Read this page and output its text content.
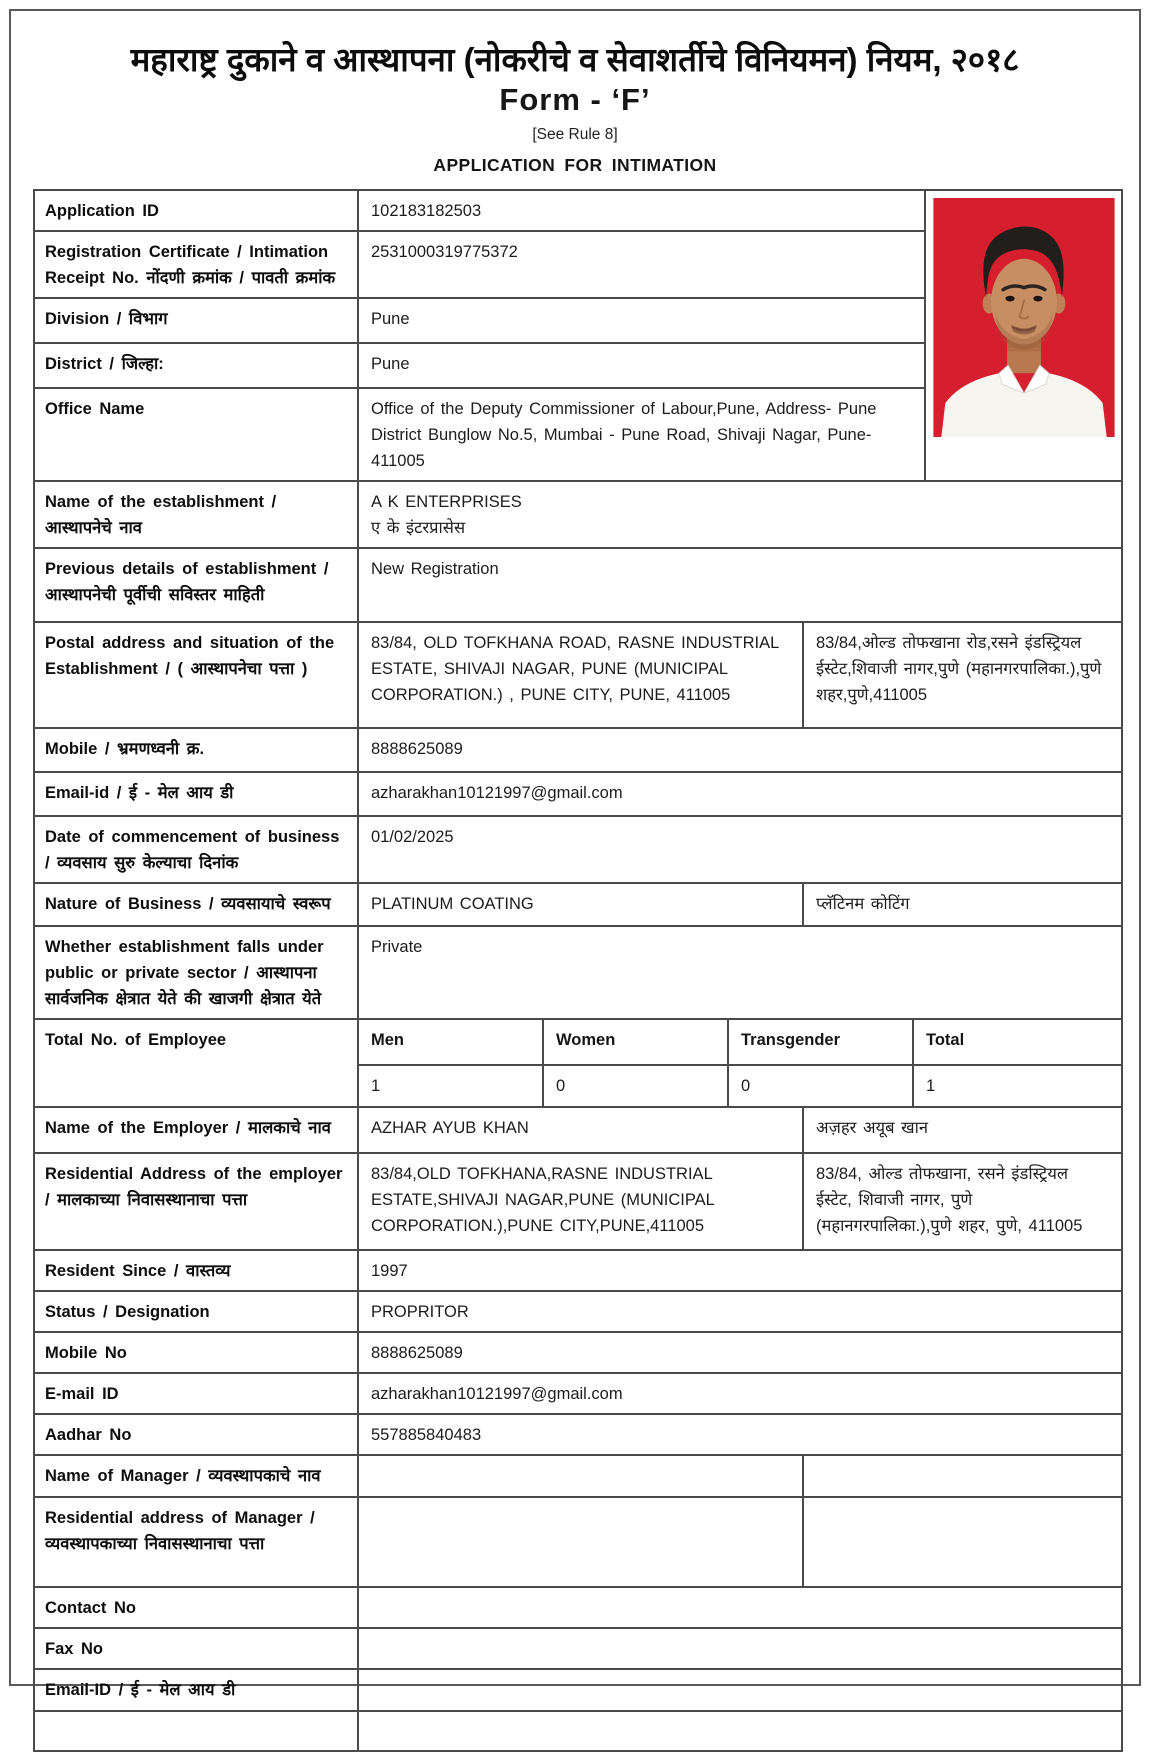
महाराष्ट्र दुकाने व आस्थापना (नोकरीचे व सेवाशर्तीचे विनियमन) नियम, २०१८
Form - ‘F’
[See Rule 8]
APPLICATION FOR INTIMATION
Application ID	102183182503	
Registration Certificate / Intimation Receipt No. नोंदणी क्रमांक / पावती क्रमांक	2531000319775372					
Division / विभाग	Pune					
District / जिल्हा:	Pune					
Office Name	Office of the Deputy Commissioner of Labour,Pune, Address- Pune District Bunglow No.5, Mumbai - Pune Road, Shivaji Nagar, Pune-411005					
Name of the establishment / आस्थापनेचे नाव	A K ENTERPRISES
ए के इंटरप्रासेस					

Previous details of establishment / आस्थापनेची पूर्वीची सविस्तर माहिती	New Registration					
Postal address and situation of the Establishment / ( आस्थापनेचा पत्ता )	83/84, OLD TOFKHANA ROAD, RASNE INDUSTRIAL ESTATE, SHIVAJI NAGAR, PUNE (MUNICIPAL CORPORATION.) , PUNE CITY, PUNE, 411005			83/84,ओल्ड तोफखाना रोड,रसने इंडस्ट्रियल ईस्टेट,शिवाजी नागर,पुणे (महानगरपालिका.),पुणे शहर,पुणे,411005		
Mobile / भ्रमणध्वनी क्र.	8888625089					
Email-id / ई - मेल आय डी	azharakhan10121997@gmail.com					
Date of commencement of business / व्यवसाय सुरु केल्याचा दिनांक	01/02/2025					
Nature of Business / व्यवसायाचे स्वरूप	PLATINUM COATING			प्लॅटिनम कोटिंग		
Whether establishment falls under public or private sector / आस्थापना सार्वजनिक क्षेत्रात येते की खाजगी क्षेत्रात येते	Private					
Total No. of Employee	Men	Women	Transgender		Total	
	1	0	0		1	
Name of the Employer / मालकाचे नाव	AZHAR AYUB KHAN			अज़हर अयूब खान		
Residential Address of the employer / मालकाच्या निवासस्थानाचा पत्ता	83/84,OLD TOFKHANA,RASNE INDUSTRIAL ESTATE,SHIVAJI NAGAR,PUNE (MUNICIPAL CORPORATION.),PUNE CITY,PUNE,411005			83/84, ओल्ड तोफखाना, रसने इंडस्ट्रियल ईस्टेट, शिवाजी नागर, पुणे (महानगरपालिका.),पुणे शहर, पुणे, 411005		
Resident Since / वास्तव्य	1997					
Status / Designation	PROPRITOR					
Mobile No	8888625089					
E-mail ID	azharakhan10121997@gmail.com					
Aadhar No	557885840483					
Name of Manager / व्यवस्थापकाचे नाव						
Residential address of Manager / व्यवस्थापकाच्या निवासस्थानाचा पत्ता						
Contact No						
Fax No						
Email-ID / ई - मेल आय डी						
